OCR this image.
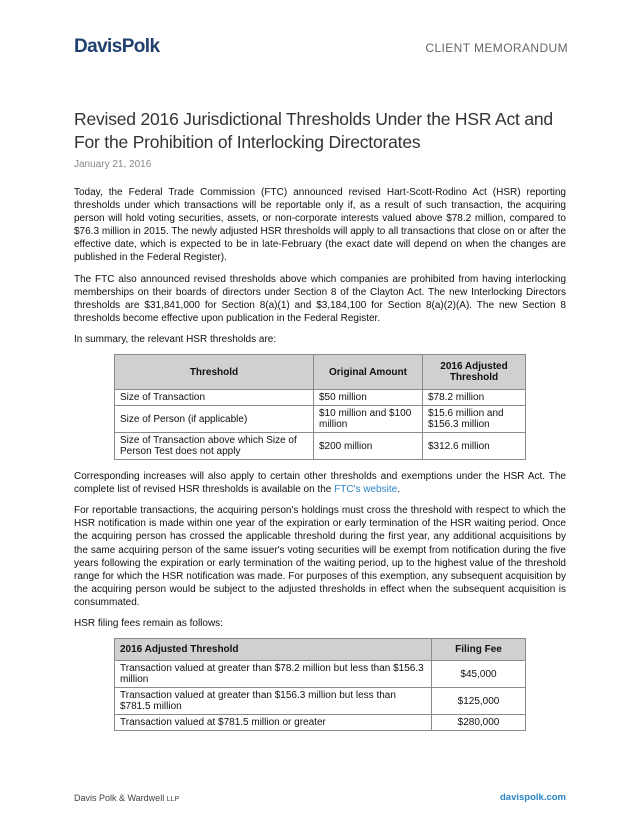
DavisPolk	CLIENT MEMORANDUM
Revised 2016 Jurisdictional Thresholds Under the HSR Act and For the Prohibition of Interlocking Directorates
January 21, 2016

Today, the Federal Trade Commission (FTC) announced revised Hart-Scott-Rodino Act (HSR) reporting thresholds under which transactions will be reportable only if, as a result of such transaction, the acquiring person will hold voting securities, assets, or non-corporate interests valued above $78.2 million, compared to $76.3 million in 2015. The newly adjusted HSR thresholds will apply to all transactions that close on or after the effective date, which is expected to be in late-February (the exact date will depend on when the changes are published in the Federal Register).

The FTC also announced revised thresholds above which companies are prohibited from having interlocking memberships on their boards of directors under Section 8 of the Clayton Act. The new Interlocking Directors thresholds are $31,841,000 for Section 8(a)(1) and $3,184,100 for Section 8(a)(2)(A). The new Section 8 thresholds become effective upon publication in the Federal Register.

In summary, the relevant HSR thresholds are:

Threshold	Original Amount	2016 Adjusted Threshold
Size of Transaction	$50 million	$78.2 million
Size of Person (if applicable)	$10 million and $100 million	$15.6 million and $156.3 million
Size of Transaction above which Size of Person Test does not apply	$200 million	$312.6 million

Corresponding increases will also apply to certain other thresholds and exemptions under the HSR Act. The complete list of revised HSR thresholds is available on the FTC's website.

For reportable transactions, the acquiring person's holdings must cross the threshold with respect to which the HSR notification is made within one year of the expiration or early termination of the HSR waiting period. Once the acquiring person has crossed the applicable threshold during the first year, any additional acquisitions by the same acquiring person of the same issuer's voting securities will be exempt from notification during the five years following the expiration or early termination of the waiting period, up to the highest value of the threshold range for which the HSR notification was made. For purposes of this exemption, any subsequent acquisition by the acquiring person would be subject to the adjusted thresholds in effect when the subsequent acquisition is consummated.

HSR filing fees remain as follows:

2016 Adjusted Threshold	Filing Fee
Transaction valued at greater than $78.2 million but less than $156.3 million	$45,000
Transaction valued at greater than $156.3 million but less than $781.5 million	$125,000
Transaction valued at $781.5 million or greater	$280,000
Davis Polk & Wardwell LLP	davispolk.com
